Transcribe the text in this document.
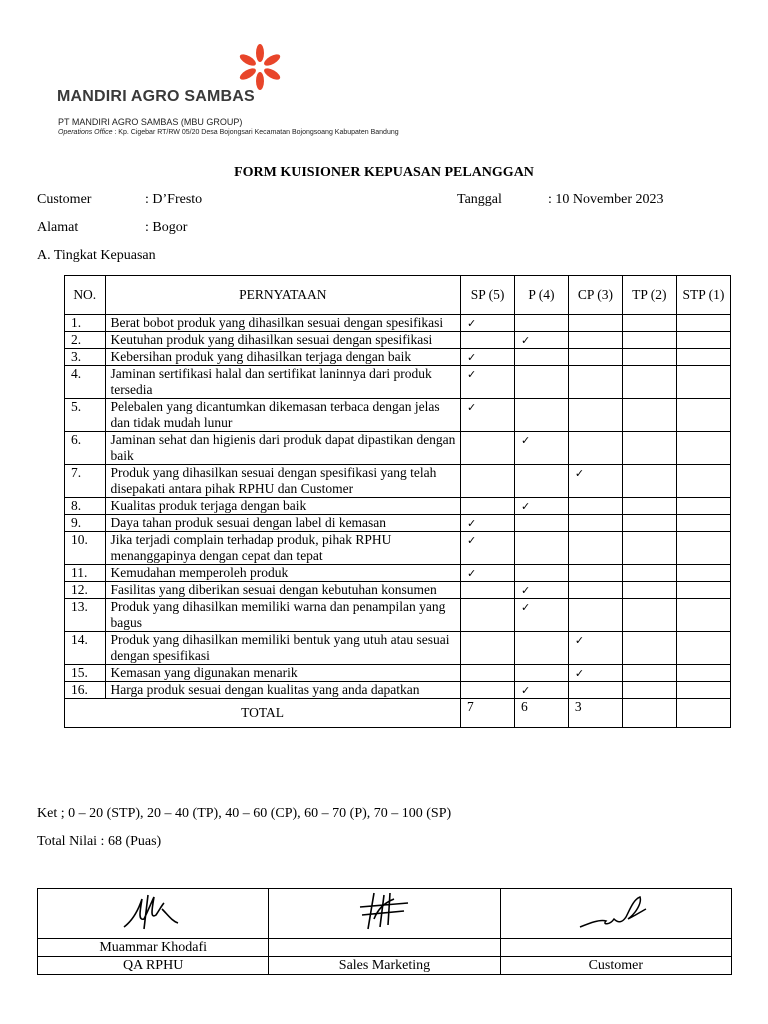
MANDIRI AGRO SAMBAS
PT MANDIRI AGRO SAMBAS (MBU GROUP)
Operations Office : Kp. Cigebar RT/RW 05/20 Desa Bojongsari Kecamatan Bojongsoang Kabupaten Bandung
FORM KUISIONER KEPUASAN PELANGGAN
Customer	: D’Fresto	Tanggal	: 10 November 2023
Alamat	: Bogor
A. Tingkat Kepuasan
NO.	PERNYATAAN	SP (5)	P (4)	CP (3)	TP (2)	STP (1)
1.	Berat bobot produk yang dihasilkan sesuai dengan spesifikasi	✓				
2.	Keutuhan produk yang dihasilkan sesuai dengan spesifikasi		✓			
3.	Kebersihan produk yang dihasilkan terjaga dengan baik	✓				
4.	Jaminan sertifikasi halal dan sertifikat laninnya dari produk tersedia	✓				
5.	Pelebalen yang dicantumkan dikemasan terbaca dengan jelas dan tidak mudah lunur	✓				
6.	Jaminan sehat dan higienis dari produk dapat dipastikan dengan baik		✓			
7.	Produk yang dihasilkan sesuai dengan spesifikasi yang telah disepakati antara pihak RPHU dan Customer			✓		
8.	Kualitas produk terjaga dengan baik		✓			
9.	Daya tahan produk sesuai dengan label di kemasan	✓				
10.	Jika terjadi complain terhadap produk, pihak RPHU menanggapinya dengan cepat dan tepat	✓				
11.	Kemudahan memperoleh produk	✓				
12.	Fasilitas yang diberikan sesuai dengan kebutuhan konsumen		✓			
13.	Produk yang dihasilkan memiliki warna dan penampilan yang bagus		✓			
14.	Produk yang dihasilkan memiliki bentuk yang utuh atau sesuai dengan spesifikasi			✓		
15.	Kemasan yang digunakan menarik			✓		
16.	Harga produk sesuai dengan kualitas yang anda dapatkan		✓			
TOTAL		7	6	3		
Ket ; 0 – 20 (STP), 20 – 40 (TP), 40 – 60 (CP), 60 – 70 (P), 70 – 100 (SP)
Total Nilai : 68 (Puas)

Muammar Khodafi		
QA RPHU	Sales Marketing	Customer
